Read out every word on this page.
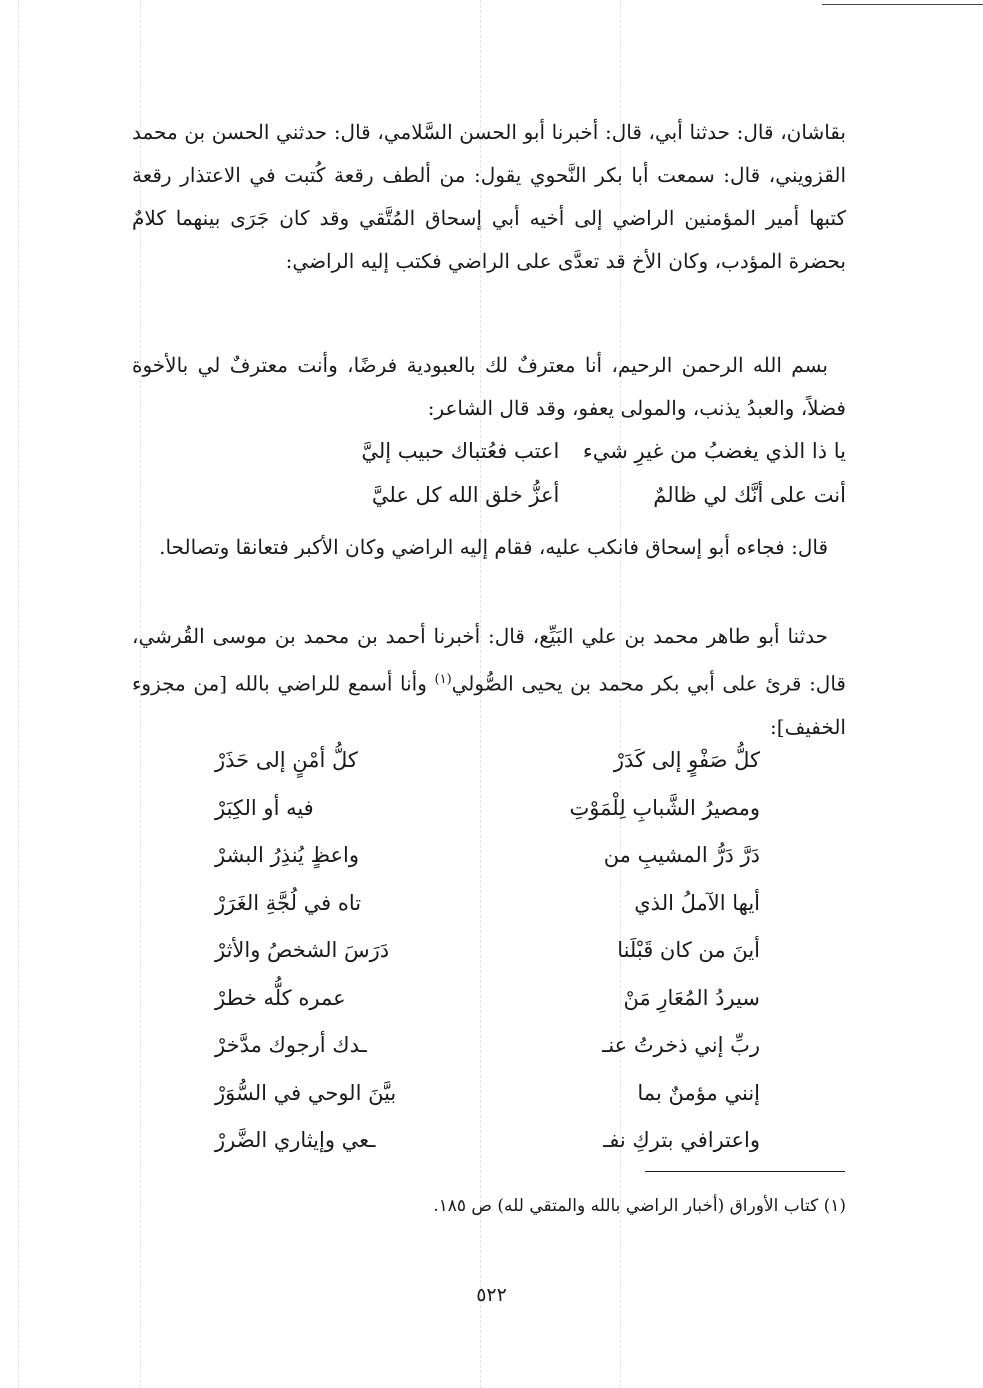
بقاشان، قال: حدثنا أبي، قال: أخبرنا أبو الحسن السَّلامي، قال: حدثني الحسن بن محمد القزويني، قال: سمعت أبا بكر النَّحوي يقول: من ألطف رقعة كُتبت في الاعتذار رقعة كتبها أمير المؤمنين الراضي إلى أخيه أبي إسحاق المُتَّقي وقد كان جَرَى بينهما كلامٌ بحضرة المؤدب، وكان الأخ قد تعدَّى على الراضي فكتب إليه الراضي:

بسم الله الرحمن الرحيم، أنا معترفٌ لك بالعبودية فرضًا، وأنت معترفٌ لي بالأخوة فضلاً، والعبدُ يذنب، والمولى يعفو، وقد قال الشاعر:

يا ذا الذي يغضبُ من غيرِ شيء اعتب فعُتباك حبيب إليَّ
أنت على أنَّك لي ظالمٌ أعزُّ خلق الله كل عليَّ

قال: فجاءه أبو إسحاق فانكب عليه، فقام إليه الراضي وكان الأكبر فتعانقا وتصالحا.

حدثنا أبو طاهر محمد بن علي البَيِّع، قال: أخبرنا أحمد بن محمد بن موسى القُرشي، قال: قرئ على أبي بكر محمد بن يحيى الصُّولي$^{(١)}$ وأنا أسمع للراضي بالله [من مجزوء الخفيف]:

كلُّ صَفْوٍ إلى كَدَرْ
كلُّ أمْنٍ إلى حَذَرْ
ومصيرُ الشَّبابِ لِلْمَوْتِ
فيه أو الكِبَرْ
دَرَّ دَرُّ المشيبِ من
واعظٍ يُنذِرُ البشرْ
أيها الآملُ الذي
تاه في لُجَّةِ الغَرَرْ
أينَ من كان قَبْلَنا
دَرَسَ الشخصُ والأثرْ
سيردُ المُعَارِ مَنْ
عمره كلُّه خطرْ
ربِّ إني ذخرتُ عنـ
ـدك أرجوك مدَّخرْ
إنني مؤمنٌ بما
بيَّنَ الوحي في السُّوَرْ
واعترافي بتركِ نفـ
ـعي وإيثاري الضَّررْ
(١) كتاب الأوراق (أخبار الراضي بالله والمتقي لله) ص ١٨٥.
٥٢٢
